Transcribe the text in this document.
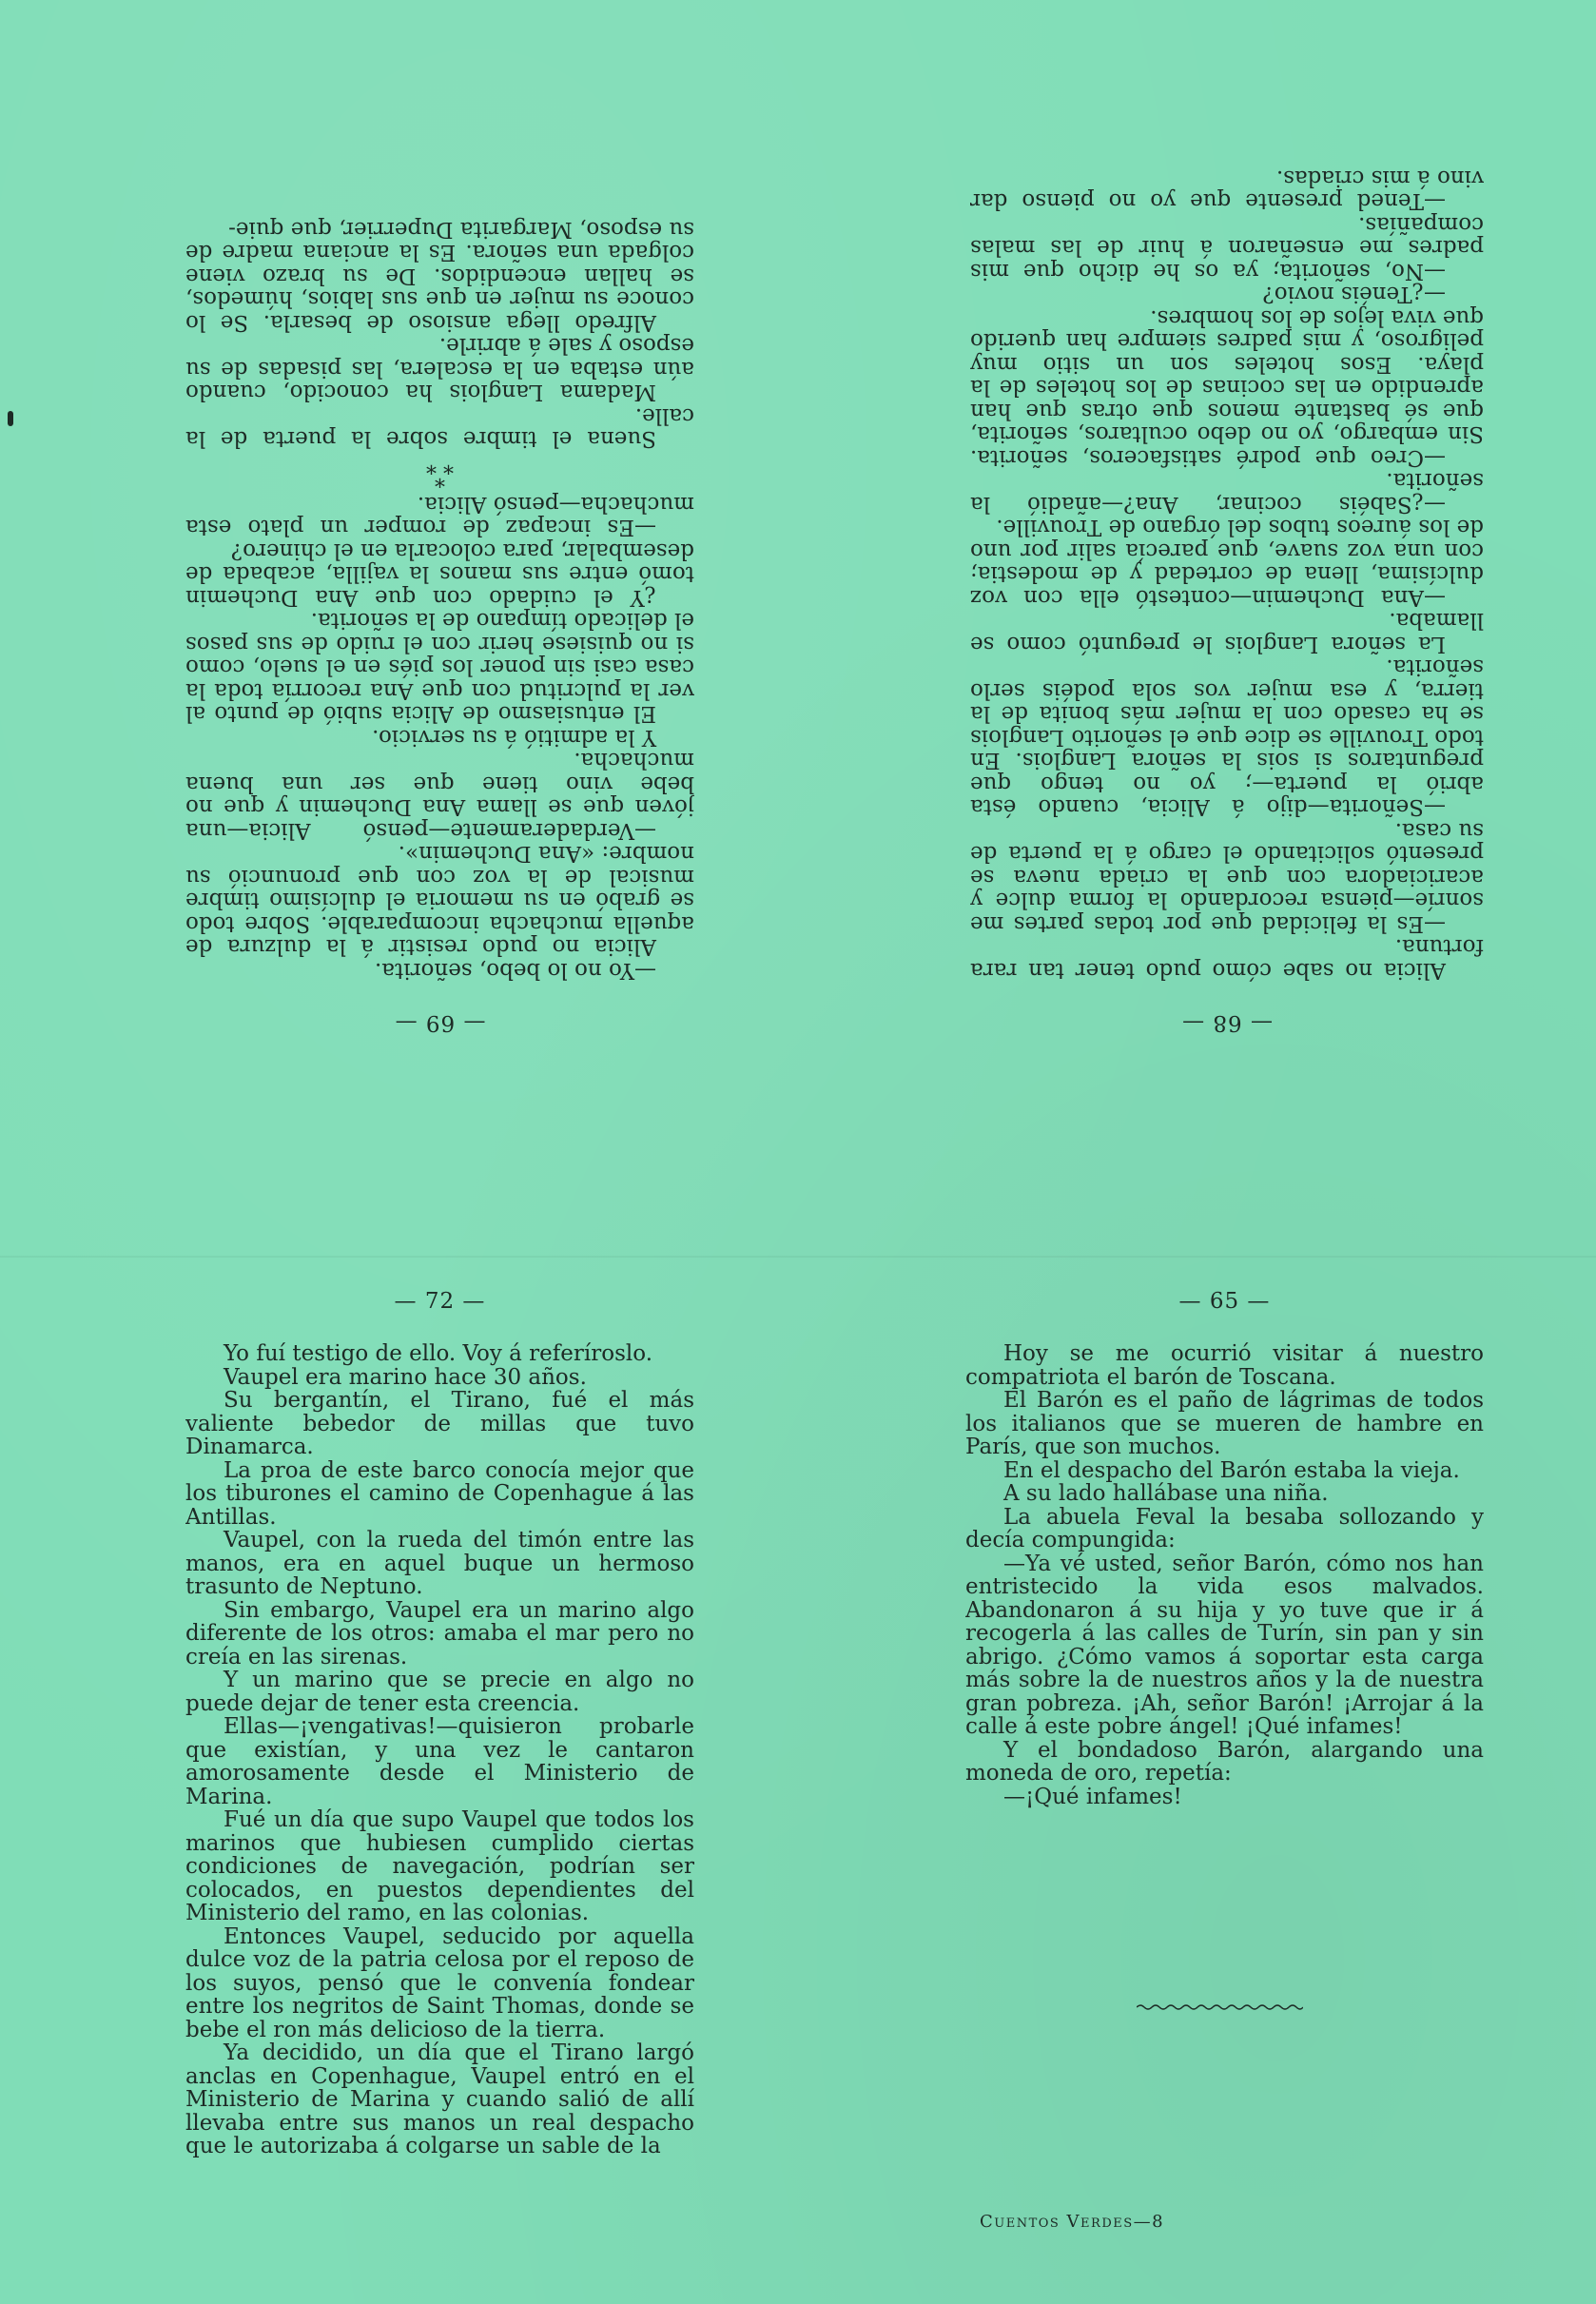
— 69 —

—Yo no lo bebo, señorita.

Alicia no pudo resistir á la dulzura de aquella muchacha incomparable. Sobre todo se grabó en su memoria el dulcísimo timbre musical de la voz con que pronunció su nombre: «Ana Duchemin».

—Verdaderamente—pensó Alicia—una jóven que se llama Ana Duchemin y que no bebe vino tiene que ser una buena muchacha.

Y la admitió á su servicio.

El entusiasmo de Alicia subió de punto al ver la pulcritud con que Ana recorría toda la casa casi sin poner los piés en el suelo, como si no quisiese herir con el ruido de sus pasos el delicado tímpano de la señorita.

¿Y el cuidado con que Ana Duchemin tomó entre sus manos la vajilla, acabada de desembalar, para colocarla en el chinero?

—Es incapaz de romper un plato esta muchacha—pensó Alicia.

*
* *

Suena el timbre sobre la puerta de la calle.

Madama Langlois ha conocido, cuando aún estaba en la escalera, las pisadas de su esposo y sale á abrirle.

Alfredo llega ansioso de besarla. Se lo conoce su mujer en que sus labios, húmedos, se hallan encendidos. De su brazo viene colgada una señora. Es la anciana madre de su esposo, Margarita Duperrier, que quie-

— 68 —

Alicia no sabe cómo pudo tener tan rara fortuna.

—Es la felicidad que por todas partes me sonríe—piensa recordando la forma dulce y acariciadora con que la criada nueva se presentó solicitando el cargo á la puerta de su casa.

—Señorita—dijo á Alicia, cuando ésta abrió la puerta—; yo no tengo que preguntaros si sois la señora Langlois. En todo Trouville se dice que el señorito Langlois se ha casado con la mujer más bonita de la tierra, y esa mujer vos sola podéis serlo señorita.

La señora Langlois le preguntó como se llamaba.

—Ana Duchemin—contestó ella con voz dulcísima, llena de cortedad y de modestia; con una voz suave, que parecía salir por uno de los áureos tubos del órgano de Trouville.

—¿Sabéis cocinar, Ana?—añadió la señorita.

—Creo que podré satisfaceros, señorita. Sin embargo, yo no debo ocultaros, señorita, que sé bastante menos que otras que han aprendido en las cocinas de los hoteles de la playa. Esos hoteles son un sitio muy peligroso, y mis padres siempre han querido que viva lejos de los hombres.

—¿Tenéis novio?

—No, señorita; ya os he dicho que mis padres me enseñaron á huir de las malas compañías.

—Tened presente que yo no pienso dar vino á mis criadas.

— 72 —

Yo fuí testigo de ello. Voy á referíroslo.

Vaupel era marino hace 30 años.

Su bergantín, el Tirano, fué el más valiente bebedor de millas que tuvo Dinamarca.

La proa de este barco conocía mejor que los tiburones el camino de Copenhague á las Antillas.

Vaupel, con la rueda del timón entre las manos, era en aquel buque un hermoso trasunto de Neptuno.

Sin embargo, Vaupel era un marino algo diferente de los otros: amaba el mar pero no creía en las sirenas.

Y un marino que se precie en algo no puede dejar de tener esta creencia.

Ellas—¡vengativas!—quisieron probarle que existían, y una vez le cantaron amorosamente desde el Ministerio de Marina.

Fué un día que supo Vaupel que todos los marinos que hubiesen cumplido ciertas condiciones de navegación, podrían ser colocados, en puestos dependientes del Ministerio del ramo, en las colonias.

Entonces Vaupel, seducido por aquella dulce voz de la patria celosa por el reposo de los suyos, pensó que le convenía fondear entre los negritos de Saint Thomas, donde se bebe el ron más delicioso de la tierra.

Ya decidido, un día que el Tirano largó anclas en Copenhague, Vaupel entró en el Ministerio de Marina y cuando salió de allí llevaba entre sus manos un real despacho que le autorizaba á colgarse un sable de la

— 65 —

Hoy se me ocurrió visitar á nuestro compatriota el barón de Toscana.

El Barón es el paño de lágrimas de todos los italianos que se mueren de hambre en París, que son muchos.

En el despacho del Barón estaba la vieja.

A su lado hallábase una niña.

La abuela Feval la besaba sollozando y decía compungida:

—Ya vé usted, señor Barón, cómo nos han entristecido la vida esos malvados. Abandonaron á su hija y yo tuve que ir á recogerla á las calles de Turín, sin pan y sin abrigo. ¿Cómo vamos á soportar esta carga más sobre la de nuestros años y la de nuestra gran pobreza. ¡Ah, señor Barón! ¡Arrojar á la calle á este pobre ángel! ¡Qué infames!

Y el bondadoso Barón, alargando una moneda de oro, repetía:

—¡Qué infames!

Cuentos Verdes—8
